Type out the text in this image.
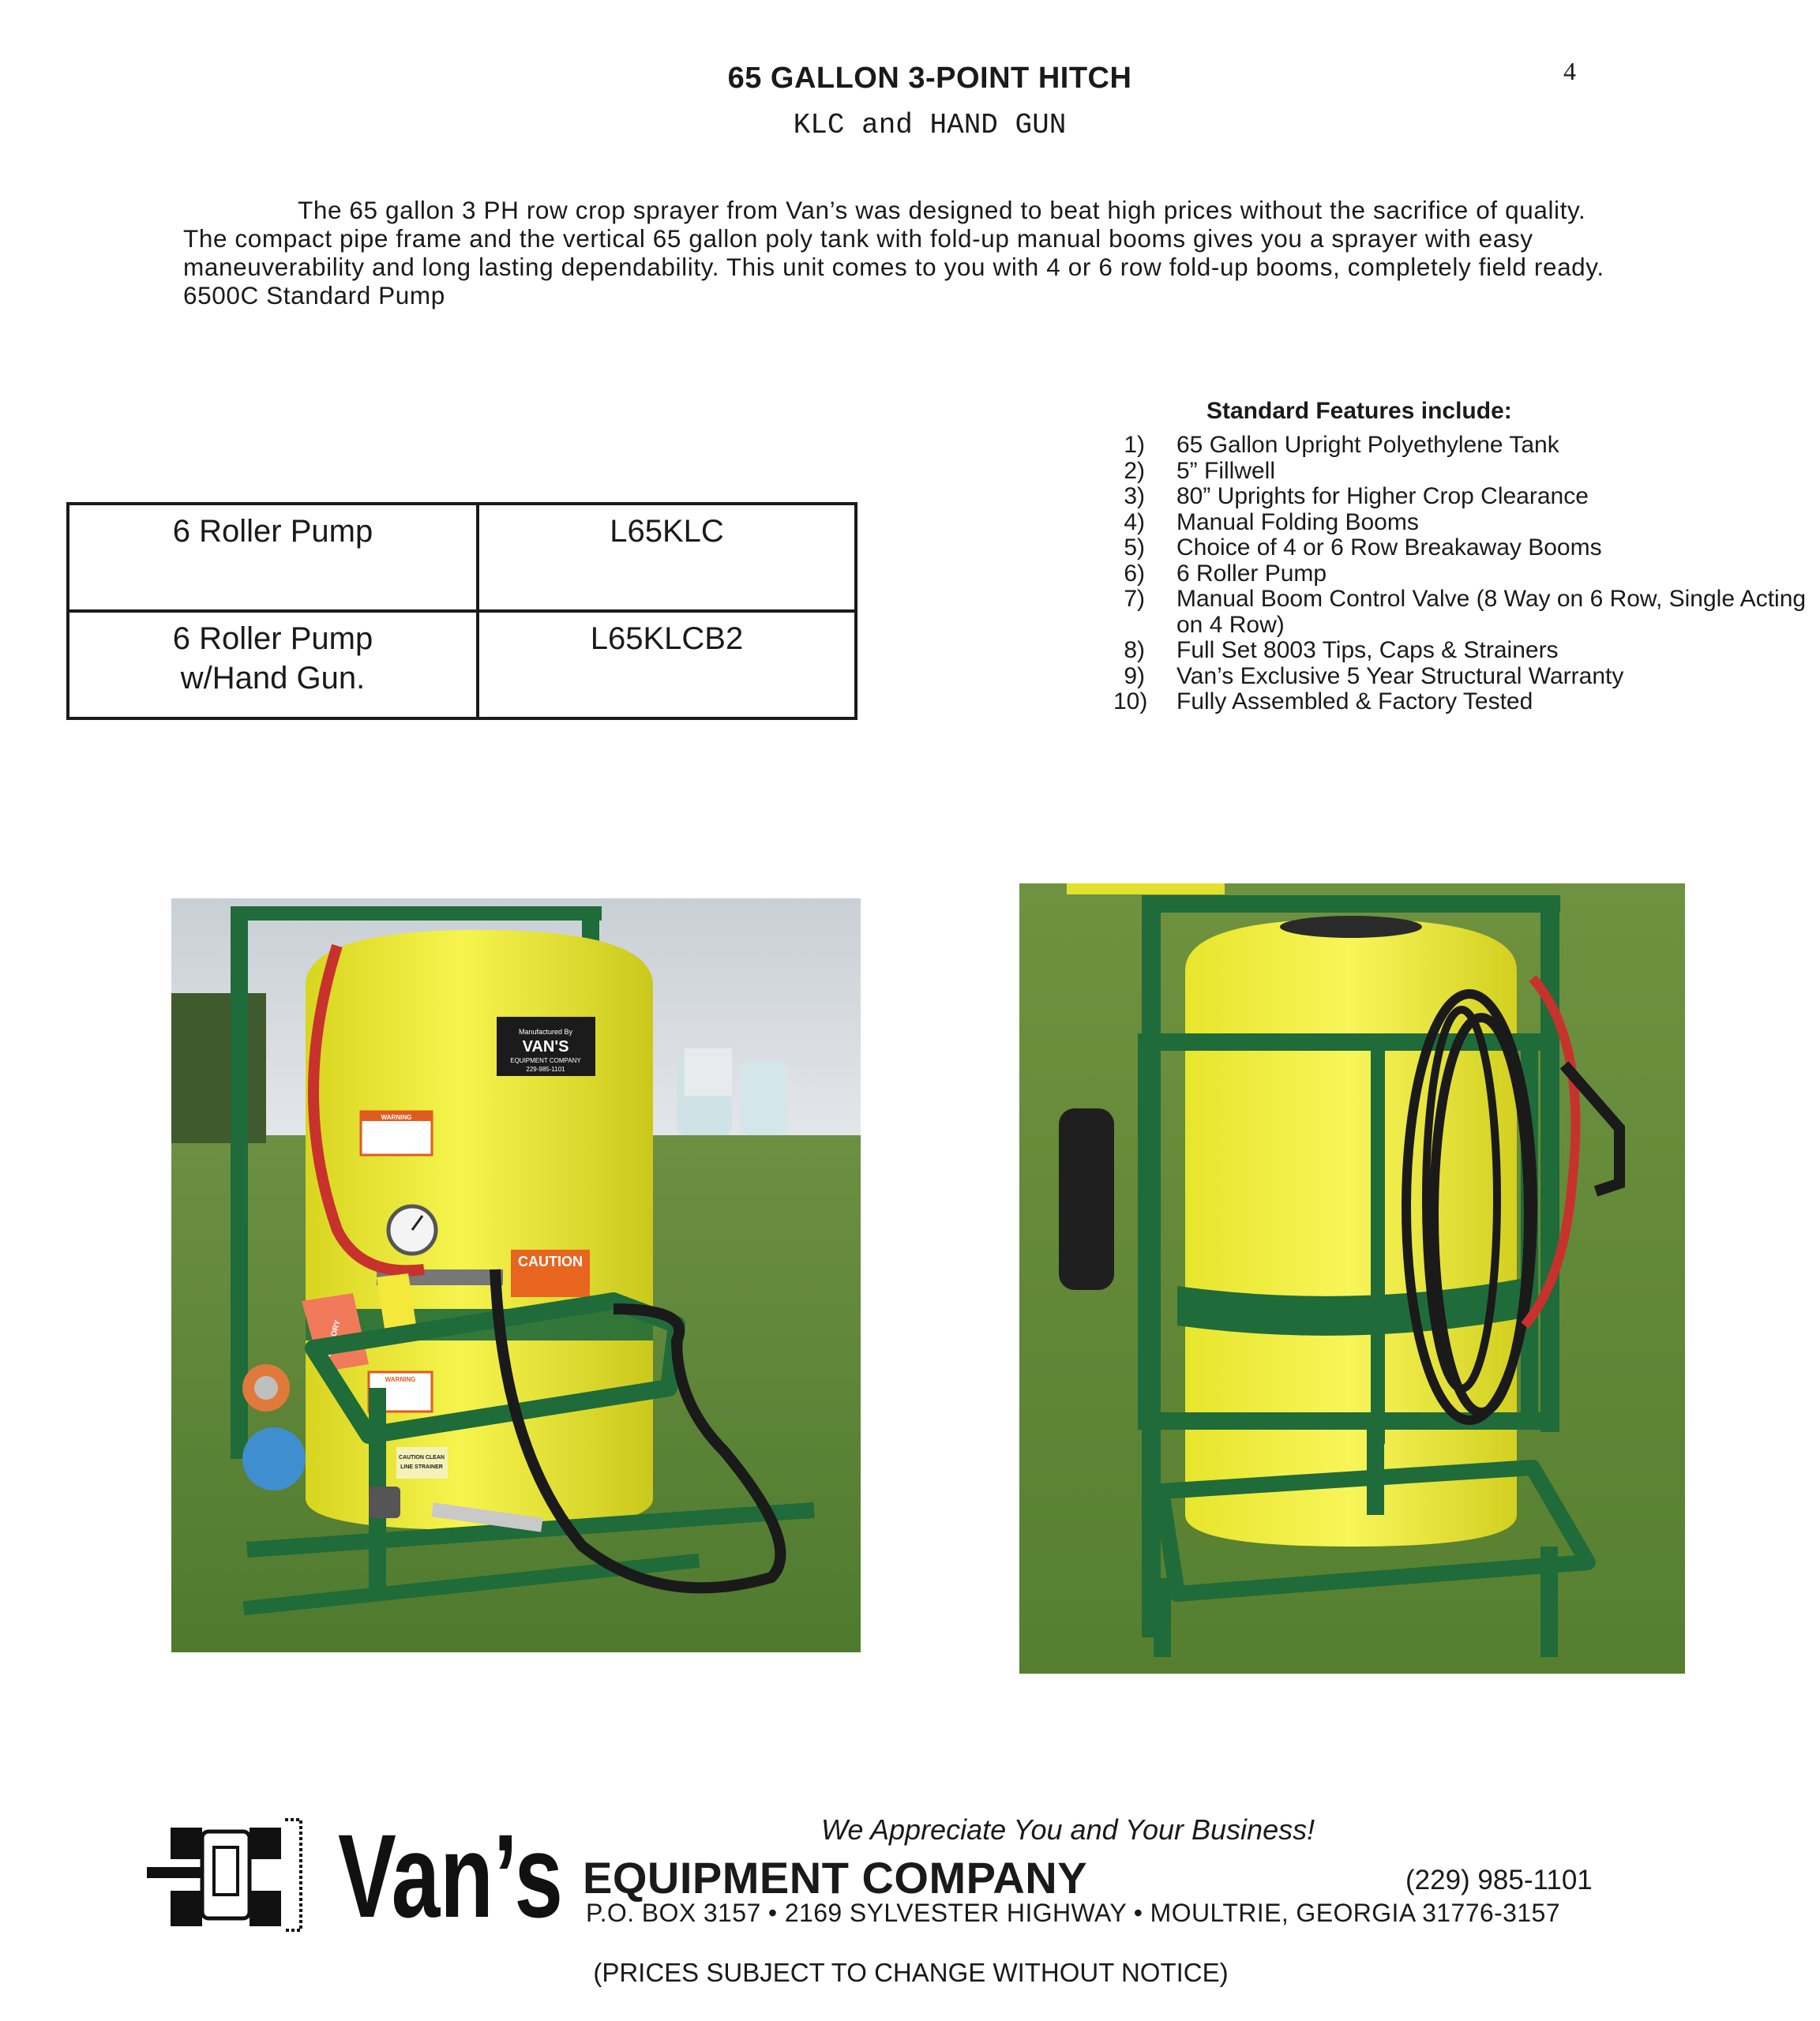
65 GALLON 3-POINT HITCH
KLC and HAND GUN
4

The 65 gallon 3 PH row crop sprayer from Van’s was designed to beat high prices without the sacrifice of quality. The compact pipe frame and the vertical 65 gallon poly tank with fold-up manual booms gives you a sprayer with easy maneuverability and long lasting dependability. This unit comes to you with 4 or 6 row fold-up booms, completely field ready. 6500C Standard Pump

6 Roller Pump	L65KLC

6 Roller Pump
w/Hand Gun.	L65KLCB2
Standard Features include:
1)	65 Gallon Upright Polyethylene Tank
2)	5” Fillwell
3)	80” Uprights for Higher Crop Clearance
4)	Manual Folding Booms
5)	Choice of 4 or 6 Row Breakaway Booms
6)	6 Roller Pump
7)	Manual Boom Control Valve (8 Way on 6 Row, Single Acting on 4 Row)
8)	Full Set 8003 Tips, Caps & Strainers
9)	Van’s Exclusive 5 Year Structural Warranty
10)	Fully Assembled & Factory Tested
Manufactured By
VAN'S
EQUIPMENT COMPANY
229-985-1101
WARNING
CAUTION
WARNING
CAUTION CLEAN
LINE STRAINER
ADVISORY
Van’s	We Appreciate You and Your Business!
EQUIPMENT COMPANY	(229) 985-1101
P.O. BOX 3157 • 2169 SYLVESTER HIGHWAY • MOULTRIE, GEORGIA 31776-3157
(PRICES SUBJECT TO CHANGE WITHOUT NOTICE)
